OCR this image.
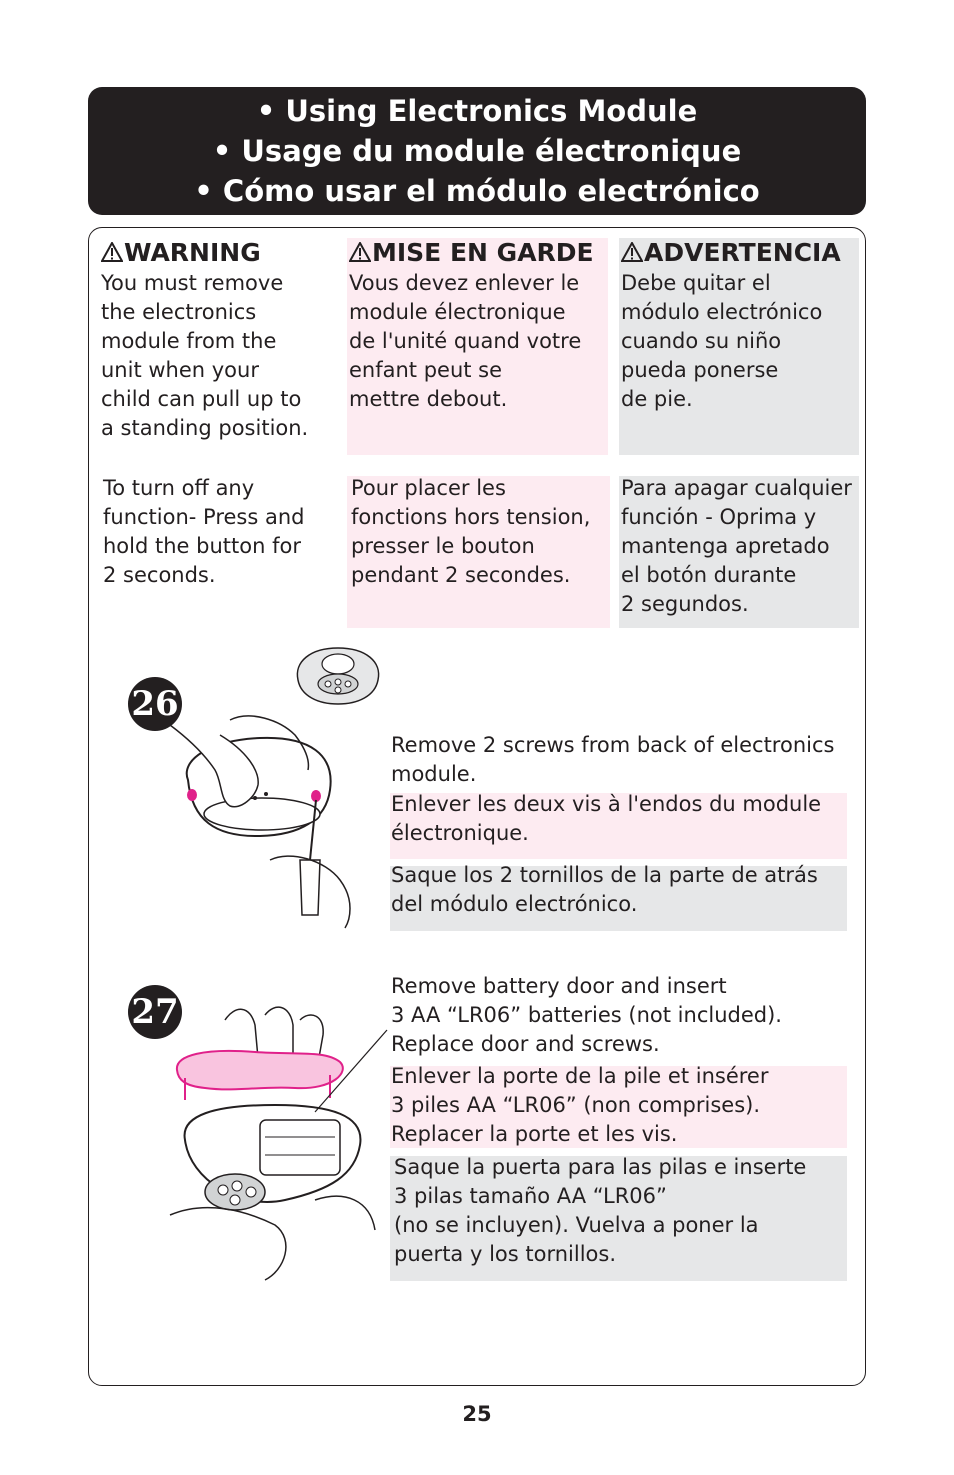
• Using Electronics Module
• Usage du module électronique
• Cómo usar el módulo electrónico
WARNING
You must remove
the electronics
module from the
unit when your
child can pull up to
a standing position.
MISE EN GARDE
Vous devez enlever le
module électronique
de l'unité quand votre
enfant peut se
mettre debout.
ADVERTENCIA
Debe quitar el
módulo electrónico
cuando su niño
pueda ponerse
de pie.
To turn off any
function- Press and
hold the button for
2 seconds.
Pour placer les
fonctions hors tension,
presser le bouton
pendant 2 secondes.
Para apagar cualquier
función - Oprima y
mantenga apretado
el botón durante
2 segundos.
26
Remove 2 screws from back of electronics
module.
Enlever les deux vis à l'endos du module
électronique.
Saque los 2 tornillos de la parte de atrás
del módulo electrónico.
27
Remove battery door and insert
3 AA “LR06” batteries (not included).
Replace door and screws.
Enlever la porte de la pile et insérer
3 piles AA “LR06” (non comprises).
Replacer la porte et les vis.
Saque la puerta para las pilas e inserte
3 pilas tamaño AA “LR06”
(no se incluyen). Vuelva a poner la
puerta y los tornillos.
25
